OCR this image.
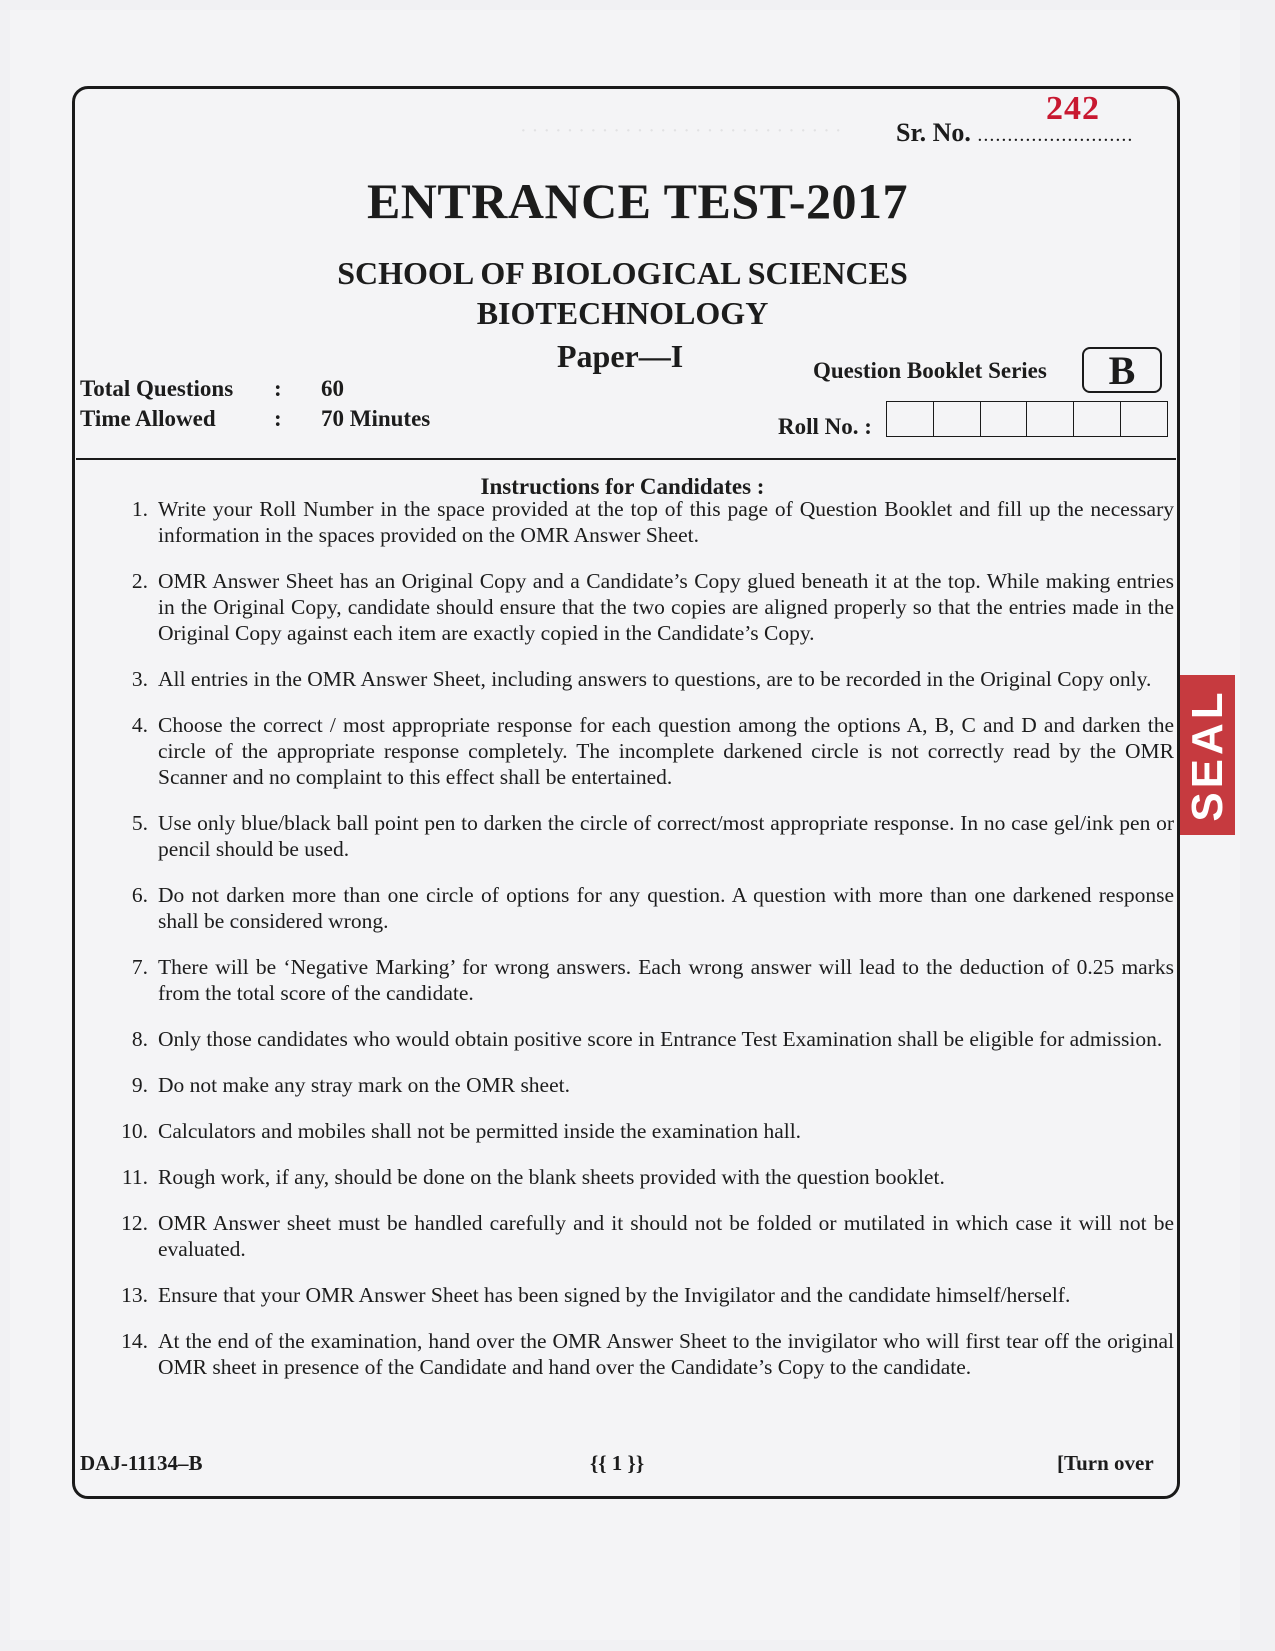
Sr. No. ..........................
242
ENTRANCE TEST-2017
SCHOOL OF BIOLOGICAL SCIENCES
BIOTECHNOLOGY
Paper—I	Question Booklet Series	B
Total Questions : 60
Time Allowed	: 70 Minutes	Roll No. :
Instructions for Candidates :
1. Write your Roll Number in the space provided at the top of this page of Question Booklet and fill up the necessary information in the spaces provided on the OMR Answer Sheet.
2. OMR Answer Sheet has an Original Copy and a Candidate’s Copy glued beneath it at the top. While making entries in the Original Copy, candidate should ensure that the two copies are aligned properly so that the entries made in the Original Copy against each item are exactly copied in the Candidate’s Copy.
3. All entries in the OMR Answer Sheet, including answers to questions, are to be recorded in the Original Copy only.
4. Choose the correct / most appropriate response for each question among the options A, B, C and D and darken the circle of the appropriate response completely. The incomplete darkened circle is not correctly read by the OMR Scanner and no complaint to this effect shall be entertained.
5. Use only blue/black ball point pen to darken the circle of correct/most appropriate response. In no case gel/ink pen or pencil should be used.
6. Do not darken more than one circle of options for any question. A question with more than one darkened response shall be considered wrong.
7. There will be ‘Negative Marking’ for wrong answers. Each wrong answer will lead to the deduction of 0.25 marks from the total score of the candidate.
8. Only those candidates who would obtain positive score in Entrance Test Examination shall be eligible for admission.
9. Do not make any stray mark on the OMR sheet.
10. Calculators and mobiles shall not be permitted inside the examination hall.
11. Rough work, if any, should be done on the blank sheets provided with the question booklet.
12. OMR Answer sheet must be handled carefully and it should not be folded or mutilated in which case it will not be evaluated.
13. Ensure that your OMR Answer Sheet has been signed by the Invigilator and the candidate himself/herself.
14. At the end of the examination, hand over the OMR Answer Sheet to the invigilator who will first tear off the original OMR sheet in presence of the Candidate and hand over the Candidate’s Copy to the candidate.
DAJ-11134–B	{{ 1 }}	[Turn over
SEAL
